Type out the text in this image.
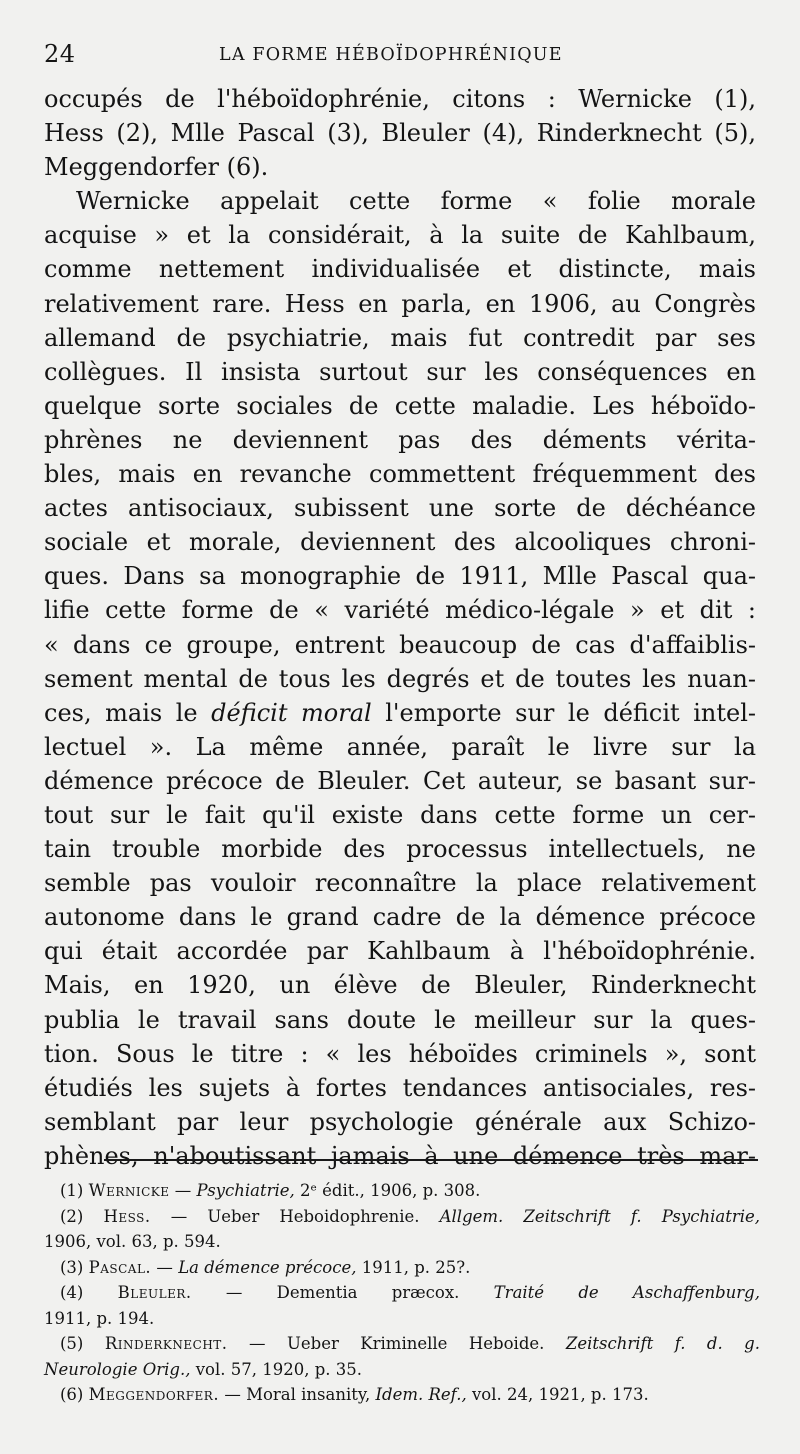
24	LA FORME HÉBOÏDOPHRÉNIQUE
occupés de l'héboïdophrénie, citons : Wernicke (1),
Hess (2), Mlle Pascal (3), Bleuler (4), Rinderknecht (5),
Meggendorfer (6).
Wernicke appelait cette forme « folie morale
acquise » et la considérait, à la suite de Kahlbaum,
comme nettement individualisée et distincte, mais
relativement rare. Hess en parla, en 1906, au Congrès
allemand de psychiatrie, mais fut contredit par ses
collègues. Il insista surtout sur les conséquences en
quelque sorte sociales de cette maladie. Les héboïdo-
phrènes ne deviennent pas des déments vérita-
bles, mais en revanche commettent fréquemment des
actes antisociaux, subissent une sorte de déchéance
sociale et morale, deviennent des alcooliques chroni-
ques. Dans sa monographie de 1911, Mlle Pascal qua-
lifie cette forme de « variété médico-légale » et dit :
« dans ce groupe, entrent beaucoup de cas d'affaiblis-
sement mental de tous les degrés et de toutes les nuan-
ces, mais le déficit moral l'emporte sur le déficit intel-
lectuel ». La même année, paraît le livre sur la
démence précoce de Bleuler. Cet auteur, se basant sur-
tout sur le fait qu'il existe dans cette forme un cer-
tain trouble morbide des processus intellectuels, ne
semble pas vouloir reconnaître la place relativement
autonome dans le grand cadre de la démence précoce
qui était accordée par Kahlbaum à l'héboïdophrénie.
Mais, en 1920, un élève de Bleuler, Rinderknecht
publia le travail sans doute le meilleur sur la ques-
tion. Sous le titre : « les héboïdes criminels », sont
étudiés les sujets à fortes tendances antisociales, res-
semblant par leur psychologie générale aux Schizo-
phènes, n'aboutissant jamais à une démence très mar-
(1) Wernicke — Psychiatrie, 2ᵉ édit., 1906, p. 308.
(2) Hess. — Ueber Heboidophrenie. Allgem. Zeitschrift f. Psychiatrie,
1906, vol. 63, p. 594.
(3) Pascal. — La démence précoce, 1911, p. 25?.
(4) Bleuler. — Dementia præcox. Traité de Aschaffenburg,
1911, p. 194.
(5) Rinderknecht. — Ueber Kriminelle Heboide. Zeitschrift f. d. g.
Neurologie Orig., vol. 57, 1920, p. 35.
(6) Meggendorfer. — Moral insanity, Idem. Ref., vol. 24, 1921, p. 173.
